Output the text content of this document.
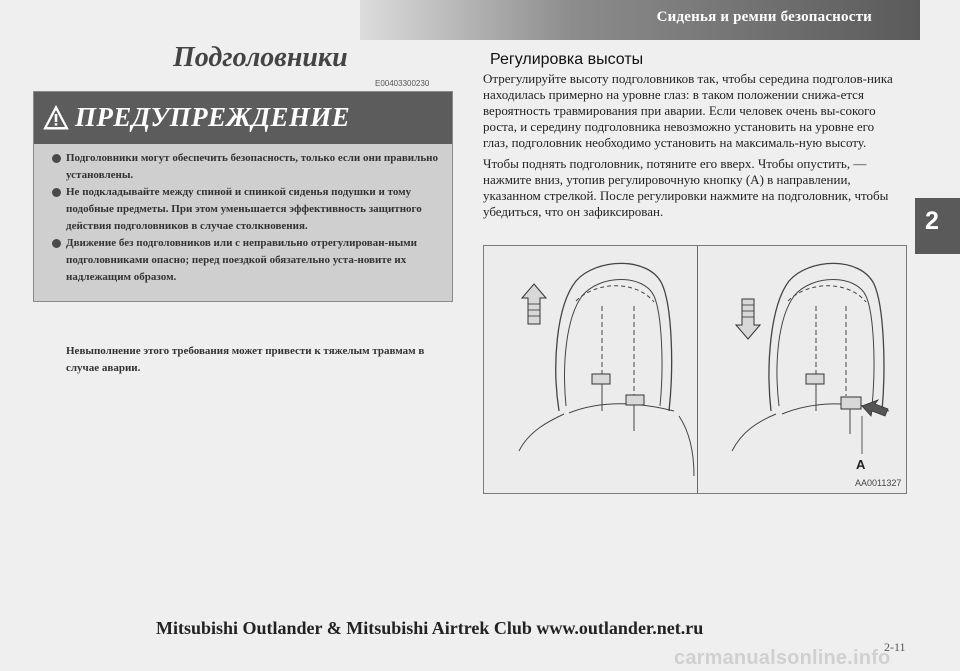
Сиденья и ремни безопасности
Подголовники
E00403300230
ПРЕДУПРЕЖДЕНИЕ
Подголовники могут обеспечить безопасность, только если они правильно установлены.
Не подкладывайте между спиной и спинкой сиденья подушки и тому подобные предметы. При этом уменьшается эффективность защитного действия подголовников в случае столкновения.
Движение без подголовников или с неправильно отрегулирован-ными подголовниками опасно; перед поездкой обязательно уста-новите их надлежащим образом.
Невыполнение этого требования может привести к тяжелым травмам в случае аварии.
Регулировка высоты

Отрегулируйте высоту подголовников так, чтобы середина подголов-ника находилась примерно на уровне глаз: в таком положении снижа-ется вероятность травмирования при аварии. Если человек очень вы-сокого роста, и середину подголовника невозможно установить на уровне его глаз, подголовник необходимо установить на максималь-ную высоту.

Чтобы поднять подголовник, потяните его вверх. Чтобы опустить, — нажмите вниз, утопив регулировочную кнопку (А) в направлении, указанном стрелкой. После регулировки нажмите на подголовник, чтобы убедиться, что он зафиксирован.

A
AA0011327
2
Mitsubishi Outlander & Mitsubishi Airtrek Club www.outlander.net.ru
2-11
carmanualsonline.info
